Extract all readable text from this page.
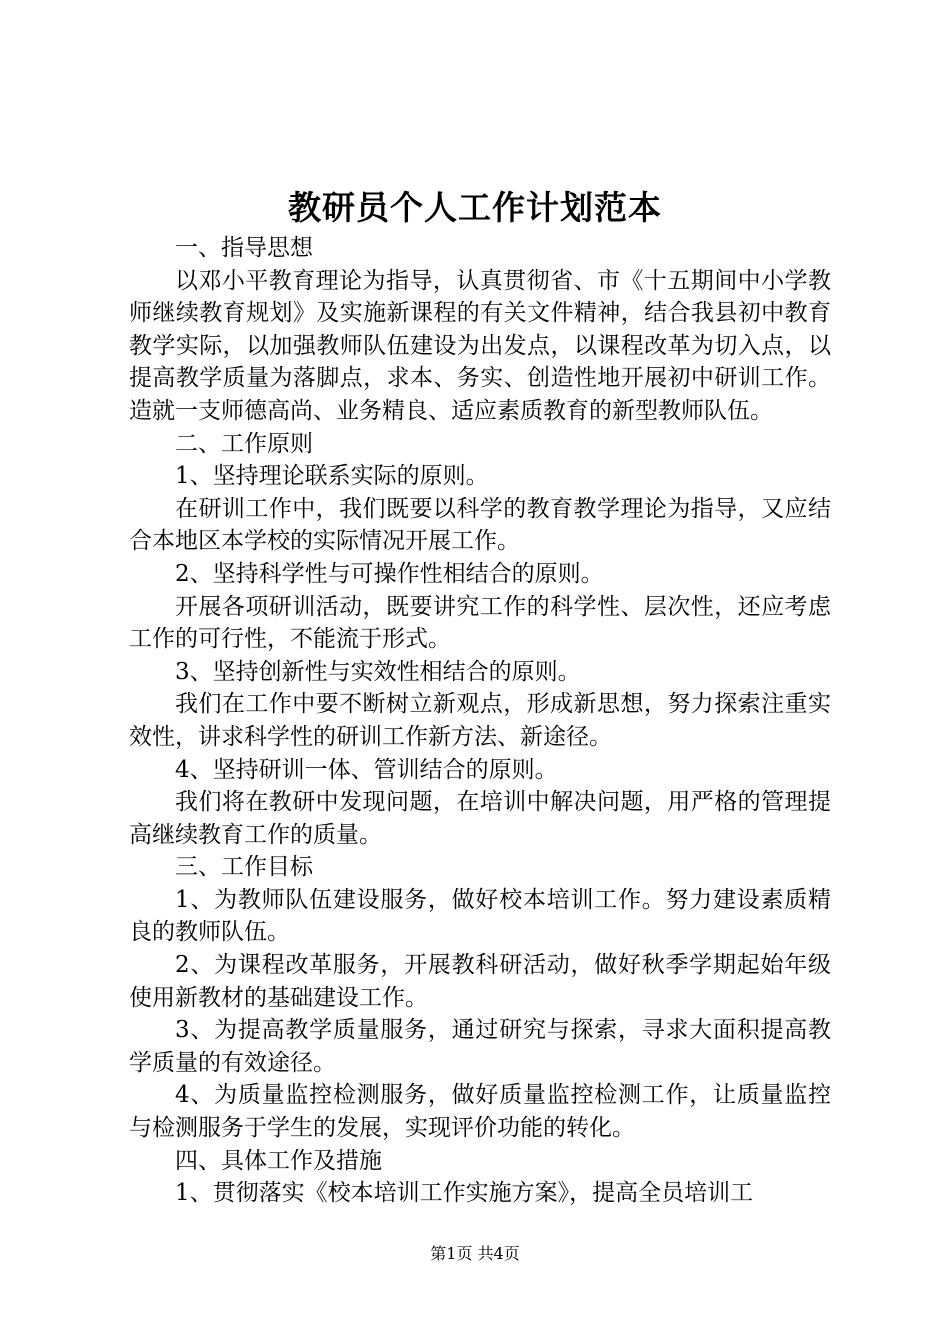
教研员个人工作计划范本

一、指导思想

以邓小平教育理论为指导，认真贯彻省、市《十五期间中小学教师继续教育规划》及实施新课程的有关文件精神，结合我县初中教育教学实际，以加强教师队伍建设为出发点，以课程改革为切入点，以提高教学质量为落脚点，求本、务实、创造性地开展初中研训工作。造就一支师德高尚、业务精良、适应素质教育的新型教师队伍。

二、工作原则

1、坚持理论联系实际的原则。

在研训工作中，我们既要以科学的教育教学理论为指导，又应结合本地区本学校的实际情况开展工作。

2、坚持科学性与可操作性相结合的原则。

开展各项研训活动，既要讲究工作的科学性、层次性，还应考虑工作的可行性，不能流于形式。

3、坚持创新性与实效性相结合的原则。

我们在工作中要不断树立新观点，形成新思想，努力探索注重实效性，讲求科学性的研训工作新方法、新途径。

4、坚持研训一体、管训结合的原则。

我们将在教研中发现问题，在培训中解决问题，用严格的管理提高继续教育工作的质量。

三、工作目标

1、为教师队伍建设服务，做好校本培训工作。努力建设素质精良的教师队伍。

2、为课程改革服务，开展教科研活动，做好秋季学期起始年级使用新教材的基础建设工作。

3、为提高教学质量服务，通过研究与探索，寻求大面积提高教学质量的有效途径。

4、为质量监控检测服务，做好质量监控检测工作，让质量监控与检测服务于学生的发展，实现评价功能的转化。

四、具体工作及措施

1、贯彻落实《校本培训工作实施方案》，提高全员培训工

第1页 共4页
